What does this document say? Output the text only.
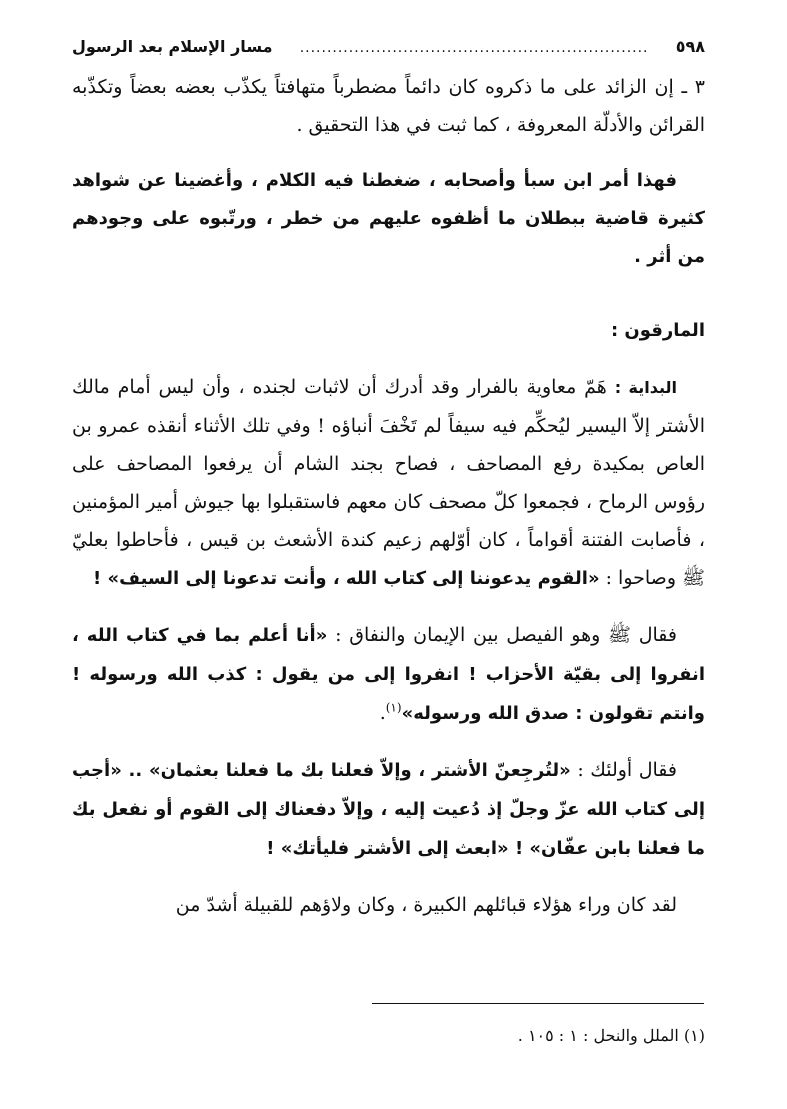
٥٩٨
................................................................
مسار الإسلام بعد الرسول

٣ ـ إن الزائد على ما ذكروه كان دائماً مضطرباً متهافتاً يكذّب بعضه بعضاً وتكذّبه القرائن والأدلّة المعروفة ، كما ثبت في هذا التحقيق .

فهذا أمر ابن سبأ وأصحابه ، ضغطنا فيه الكلام ، وأغضينا عن شواهد كثيرة قاضية ببطلان ما أظفوه عليهم من خطر ، ورتّبوه على وجودهم من أثر .

المارقون :

البداية : هَمّ معاوية بالفرار وقد أدرك أن لاثبات لجنده ، وأن ليس أمام مالك الأشتر إلاّ اليسير ليُحكِّم فيه سيفاً لم تَخْفَ أنباؤه ! وفي تلك الأثناء أنقذه عمرو بن العاص بمكيدة رفع المصاحف ، فصاح بجند الشام أن يرفعوا المصاحف على رؤوس الرماح ، فجمعوا كلّ مصحف كان معهم فاستقبلوا بها جيوش أمير المؤمنين ، فأصابت الفتنة أقواماً ، كان أوّلهم زعيم كندة الأشعث بن قيس ، فأحاطوا بعليّ ﷺ وصاحوا : «القوم يدعوننا إلى كتاب الله ، وأنت تدعونا إلى السيف» !

فقال ﷺ وهو الفيصل بين الإيمان والنفاق : «أنا أعلم بما في كتاب الله ، انفروا إلى بقيّة الأحزاب ! انفروا إلى من يقول : كذب الله ورسوله ! وانتم تقولون : صدق الله ورسوله»$^{(١)}$.

فقال أولئك : «لتُرجِعنّ الأشتر ، وإلاّ فعلنا بك ما فعلنا بعثمان» .. «أجب إلى كتاب الله عزّ وجلّ إذ دُعيت إليه ، وإلاّ دفعناك إلى القوم أو نفعل بك ما فعلنا بابن عفّان» ! «ابعث إلى الأشتر فليأتك» !

لقد كان وراء هؤلاء قبائلهم الكبيرة ، وكان ولاؤهم للقبيلة أشدّ من

(١) الملل والنحل : ١ : ١٠٥ .
